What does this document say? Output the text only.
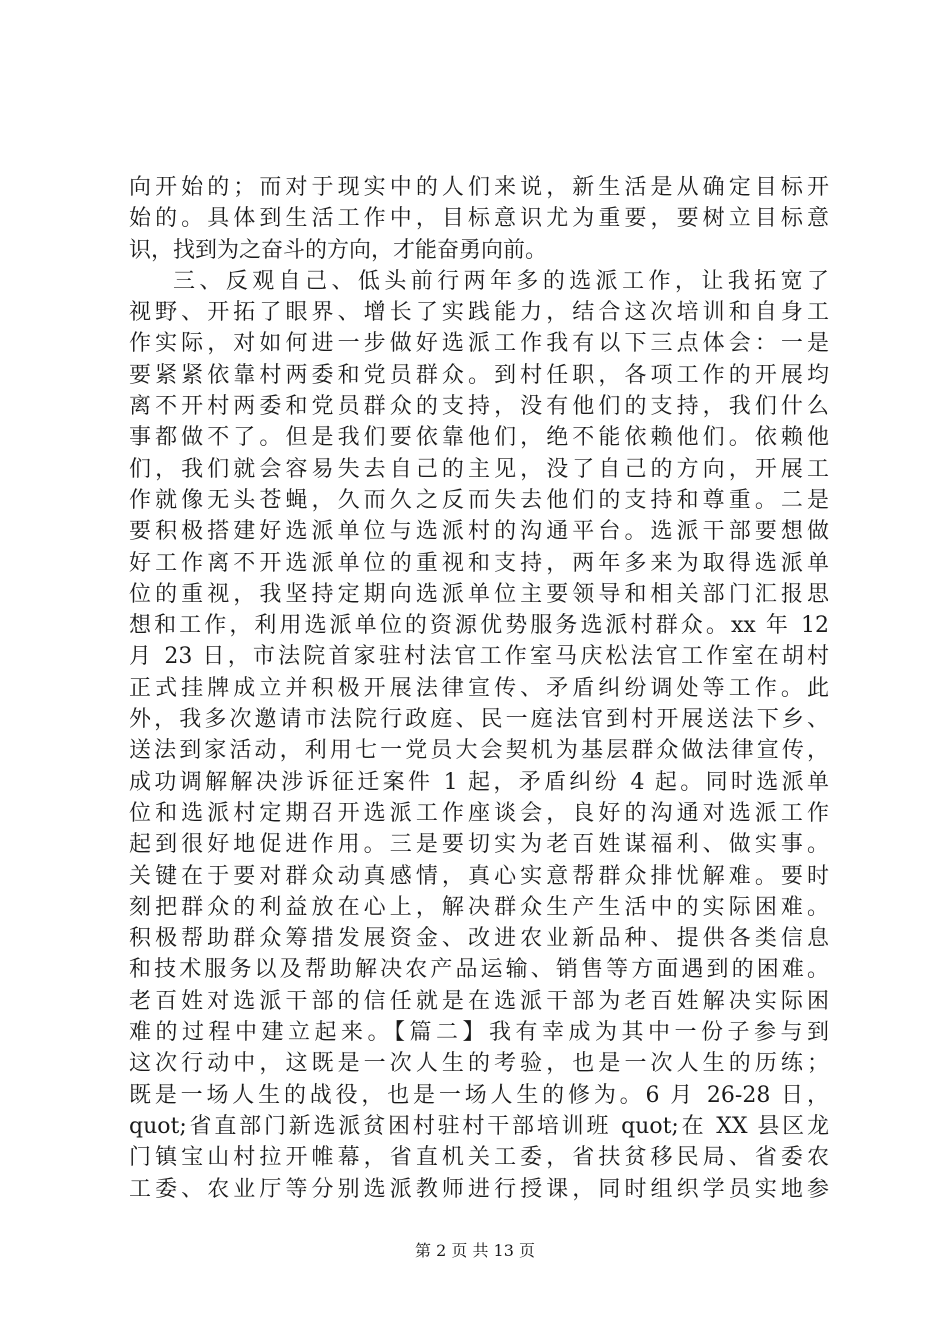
向开始的；而对于现实中的人们来说，新生活是从确定目标开
始的。具体到生活工作中，目标意识尤为重要，要树立目标意
识，找到为之奋斗的方向，才能奋勇向前。
三、反观自己、低头前行两年多的选派工作，让我拓宽了
视野、开拓了眼界、增长了实践能力，结合这次培训和自身工
作实际，对如何进一步做好选派工作我有以下三点体会：一是
要紧紧依靠村两委和党员群众。到村任职，各项工作的开展均
离不开村两委和党员群众的支持，没有他们的支持，我们什么
事都做不了。但是我们要依靠他们，绝不能依赖他们。依赖他
们，我们就会容易失去自己的主见，没了自己的方向，开展工
作就像无头苍蝇，久而久之反而失去他们的支持和尊重。二是
要积极搭建好选派单位与选派村的沟通平台。选派干部要想做
好工作离不开选派单位的重视和支持，两年多来为取得选派单
位的重视，我坚持定期向选派单位主要领导和相关部门汇报思
想和工作，利用选派单位的资源优势服务选派村群众。xx 年 12
月 23 日，市法院首家驻村法官工作室马庆松法官工作室在胡村
正式挂牌成立并积极开展法律宣传、矛盾纠纷调处等工作。此
外，我多次邀请市法院行政庭、民一庭法官到村开展送法下乡、
送法到家活动，利用七一党员大会契机为基层群众做法律宣传，
成功调解解决涉诉征迁案件 1 起，矛盾纠纷 4 起。同时选派单
位和选派村定期召开选派工作座谈会，良好的沟通对选派工作
起到很好地促进作用。三是要切实为老百姓谋福利、做实事。
关键在于要对群众动真感情，真心实意帮群众排忧解难。要时
刻把群众的利益放在心上，解决群众生产生活中的实际困难。
积极帮助群众筹措发展资金、改进农业新品种、提供各类信息
和技术服务以及帮助解决农产品运输、销售等方面遇到的困难。
老百姓对选派干部的信任就是在选派干部为老百姓解决实际困
难的过程中建立起来。【篇二】我有幸成为其中一份子参与到
这次行动中，这既是一次人生的考验，也是一次人生的历练；
既是一场人生的战役，也是一场人生的修为。6 月 26-28 日，
quot;省直部门新选派贫困村驻村干部培训班 quot;在 XX 县区龙
门镇宝山村拉开帷幕，省直机关工委，省扶贫移民局、省委农
工委、农业厅等分别选派教师进行授课，同时组织学员实地参
第 2 页 共 13 页
